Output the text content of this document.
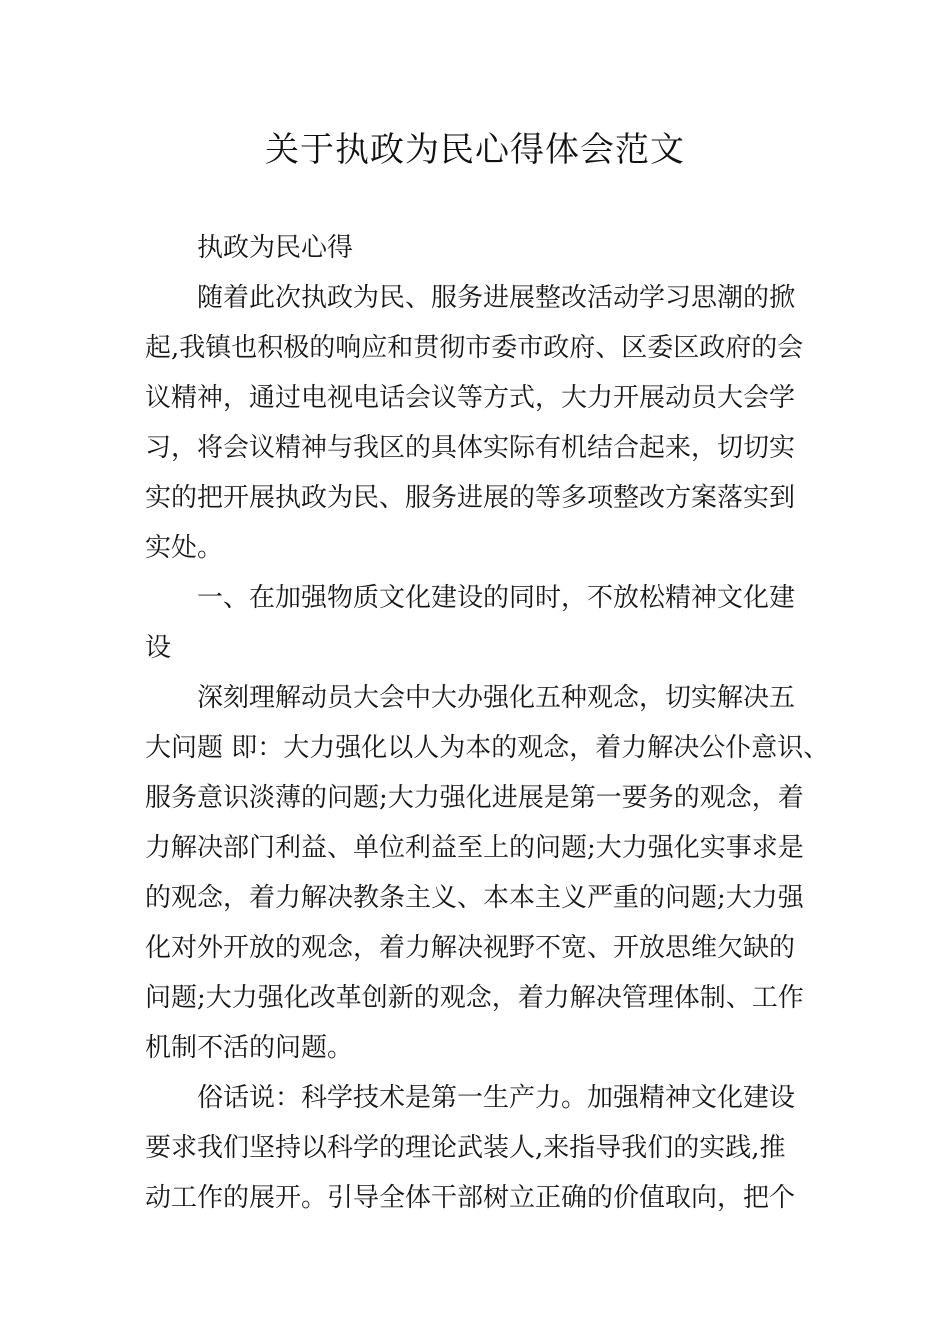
关于执政为民心得体会范文
执政为民心得
随着此次执政为民、服务进展整改活动学习思潮的掀
起,我镇也积极的响应和贯彻市委市政府、区委区政府的会
议精神，通过电视电话会议等方式，大力开展动员大会学
习，将会议精神与我区的具体实际有机结合起来，切切实
实的把开展执政为民、服务进展的等多项整改方案落实到
实处。
一、在加强物质文化建设的同时，不放松精神文化建
设
深刻理解动员大会中大办强化五种观念，切实解决五
大问题 即：大力强化以人为本的观念，着力解决公仆意识、
服务意识淡薄的问题;大力强化进展是第一要务的观念，着
力解决部门利益、单位利益至上的问题;大力强化实事求是
的观念，着力解决教条主义、本本主义严重的问题;大力强
化对外开放的观念，着力解决视野不宽、开放思维欠缺的
问题;大力强化改革创新的观念，着力解决管理体制、工作
机制不活的问题。
俗话说：科学技术是第一生产力。加强精神文化建设
要求我们坚持以科学的理论武装人,来指导我们的实践,推
动工作的展开。引导全体干部树立正确的价值取向，把个
